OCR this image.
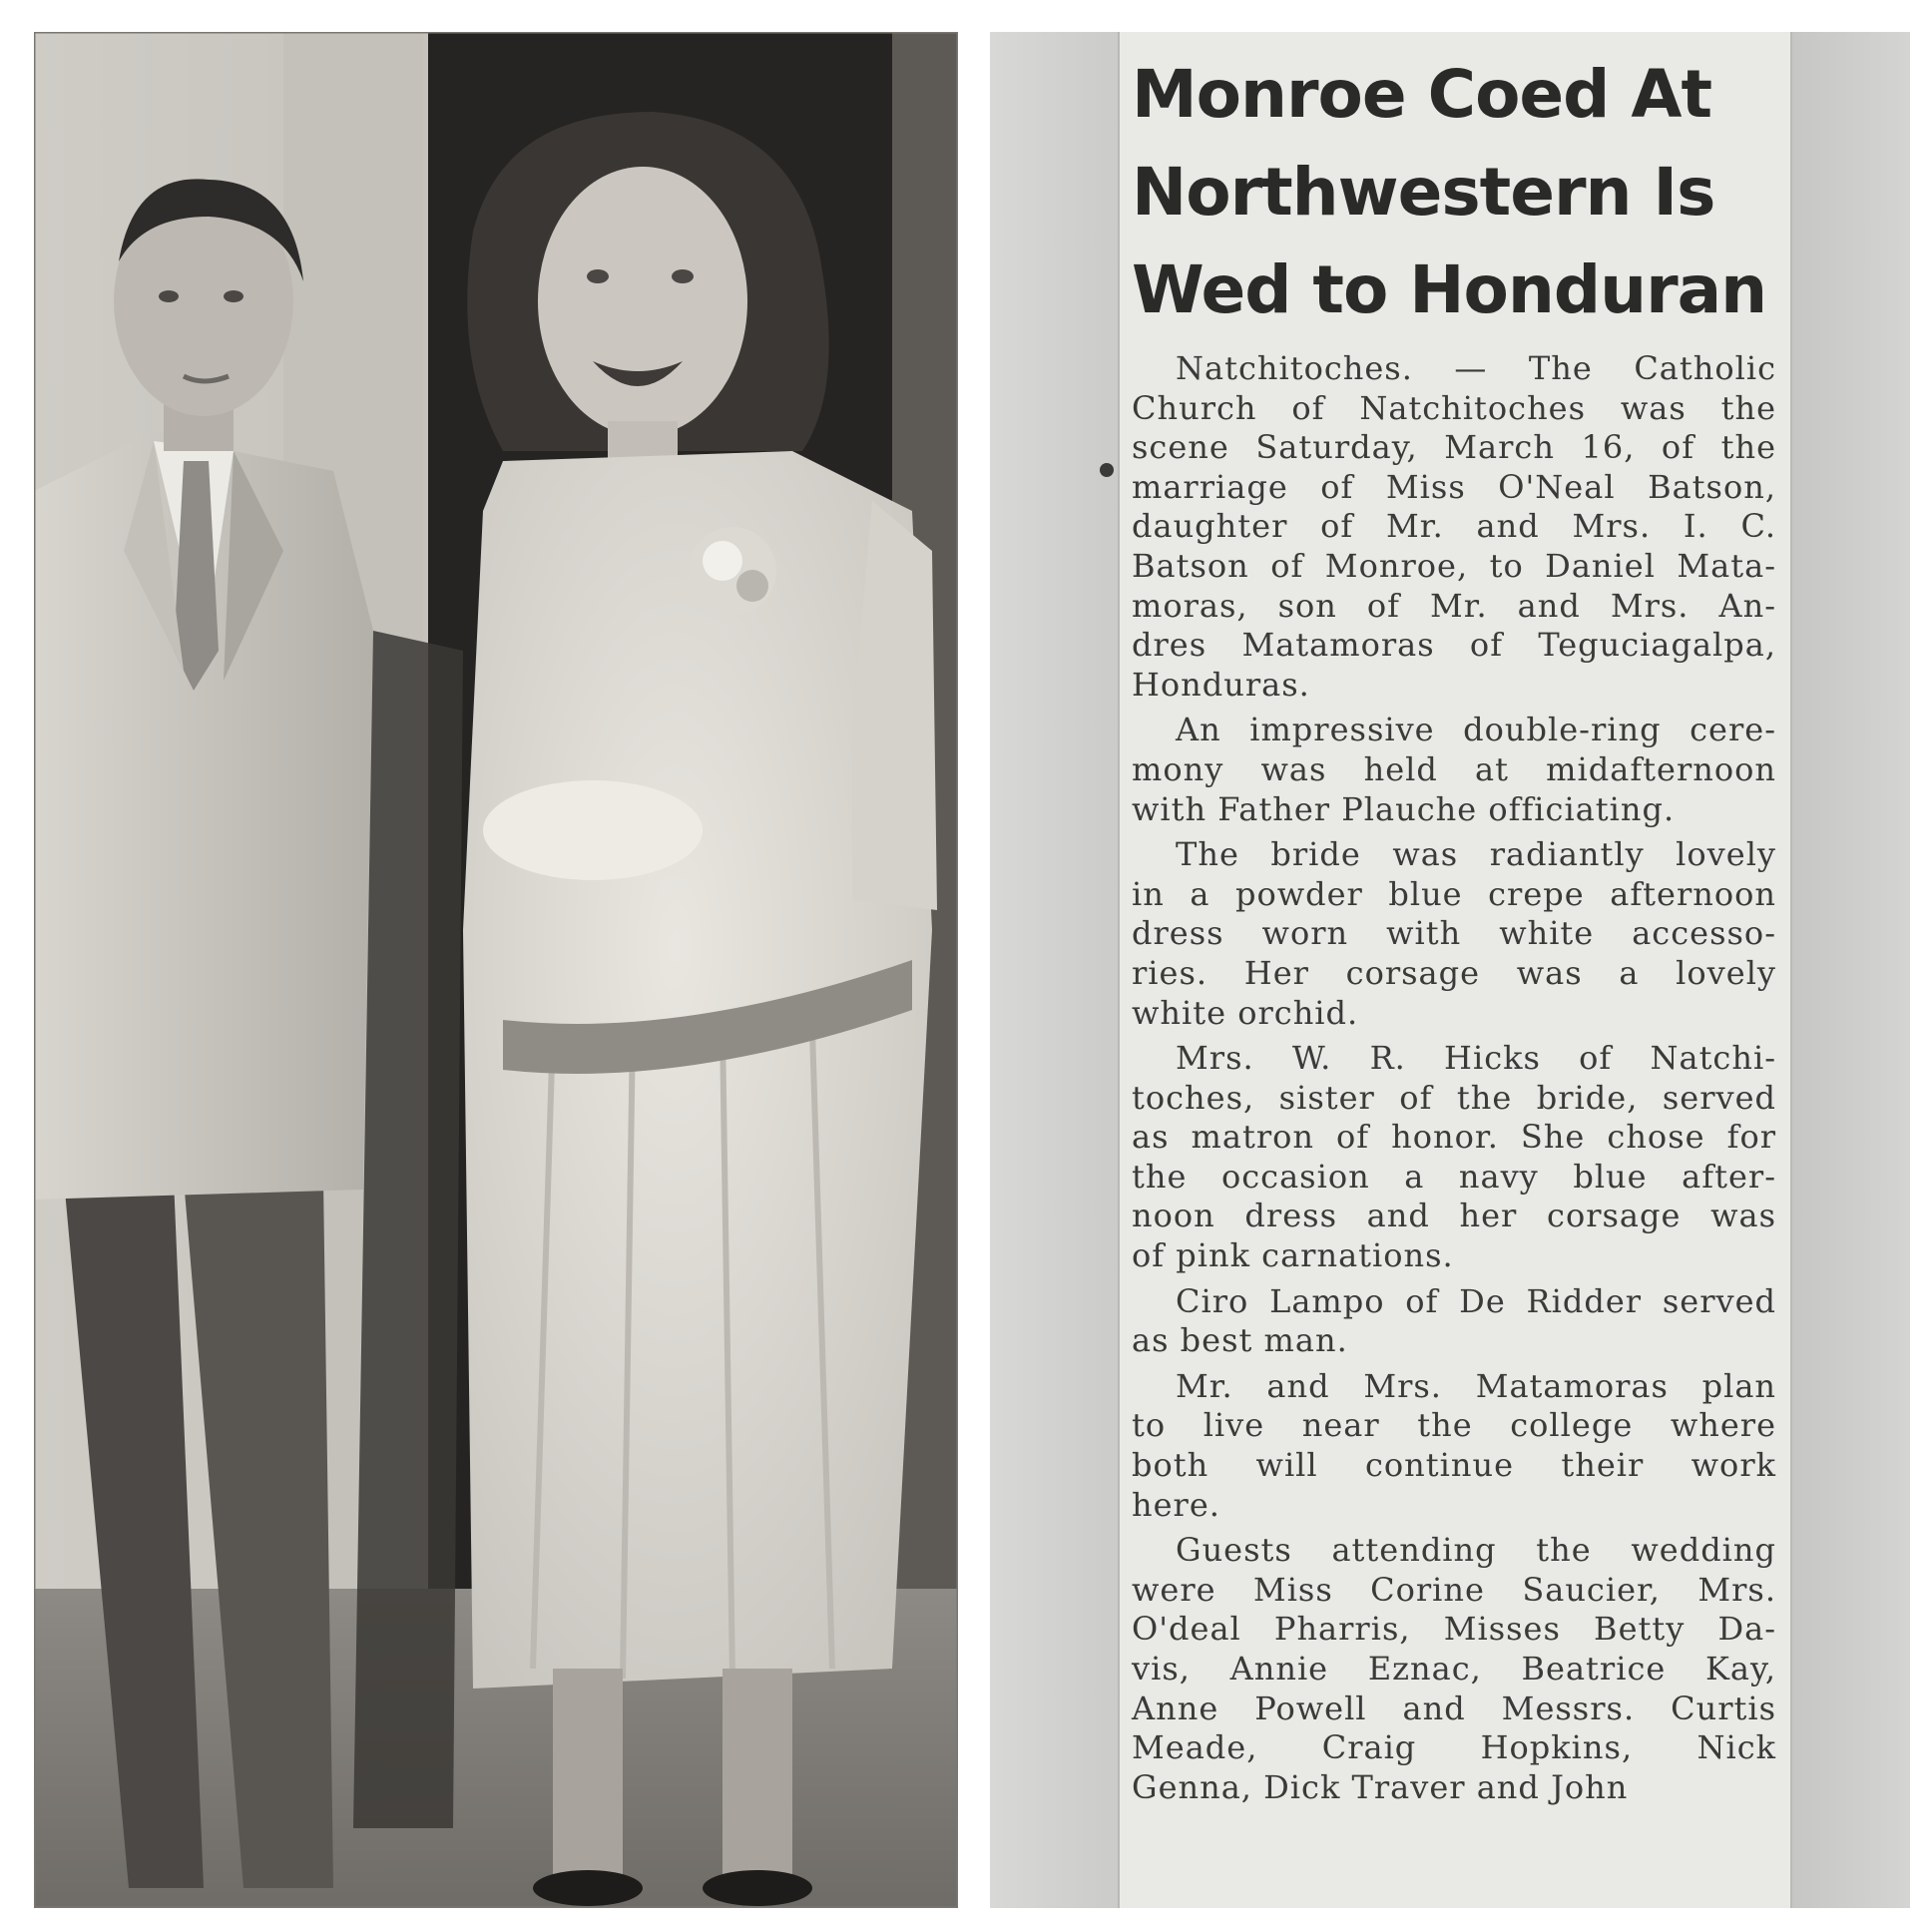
Monroe Coed At
Northwestern Is
Wed to Honduran

Natchitoches. — The Catholic
Church of Natchitoches was the
scene Saturday, March 16, of the
marriage of Miss O'Neal Batson,
daughter of Mr. and Mrs. I. C.
Batson of Monroe, to Daniel Mata-
moras, son of Mr. and Mrs. An-
dres Matamoras of Teguciagalpa,
Honduras.

An impressive double-ring cere-
mony was held at midafternoon
with Father Plauche officiating.

The bride was radiantly lovely
in a powder blue crepe afternoon
dress worn with white accesso-
ries. Her corsage was a lovely
white orchid.

Mrs. W. R. Hicks of Natchi-
toches, sister of the bride, served
as matron of honor. She chose for
the occasion a navy blue after-
noon dress and her corsage was
of pink carnations.

Ciro Lampo of De Ridder served
as best man.

Mr. and Mrs. Matamoras plan
to live near the college where
both will continue their work
here.

Guests attending the wedding
were Miss Corine Saucier, Mrs.
O'deal Pharris, Misses Betty Da-
vis, Annie Eznac, Beatrice Kay,
Anne Powell and Messrs. Curtis
Meade, Craig Hopkins, Nick
Genna, Dick Traver and John
